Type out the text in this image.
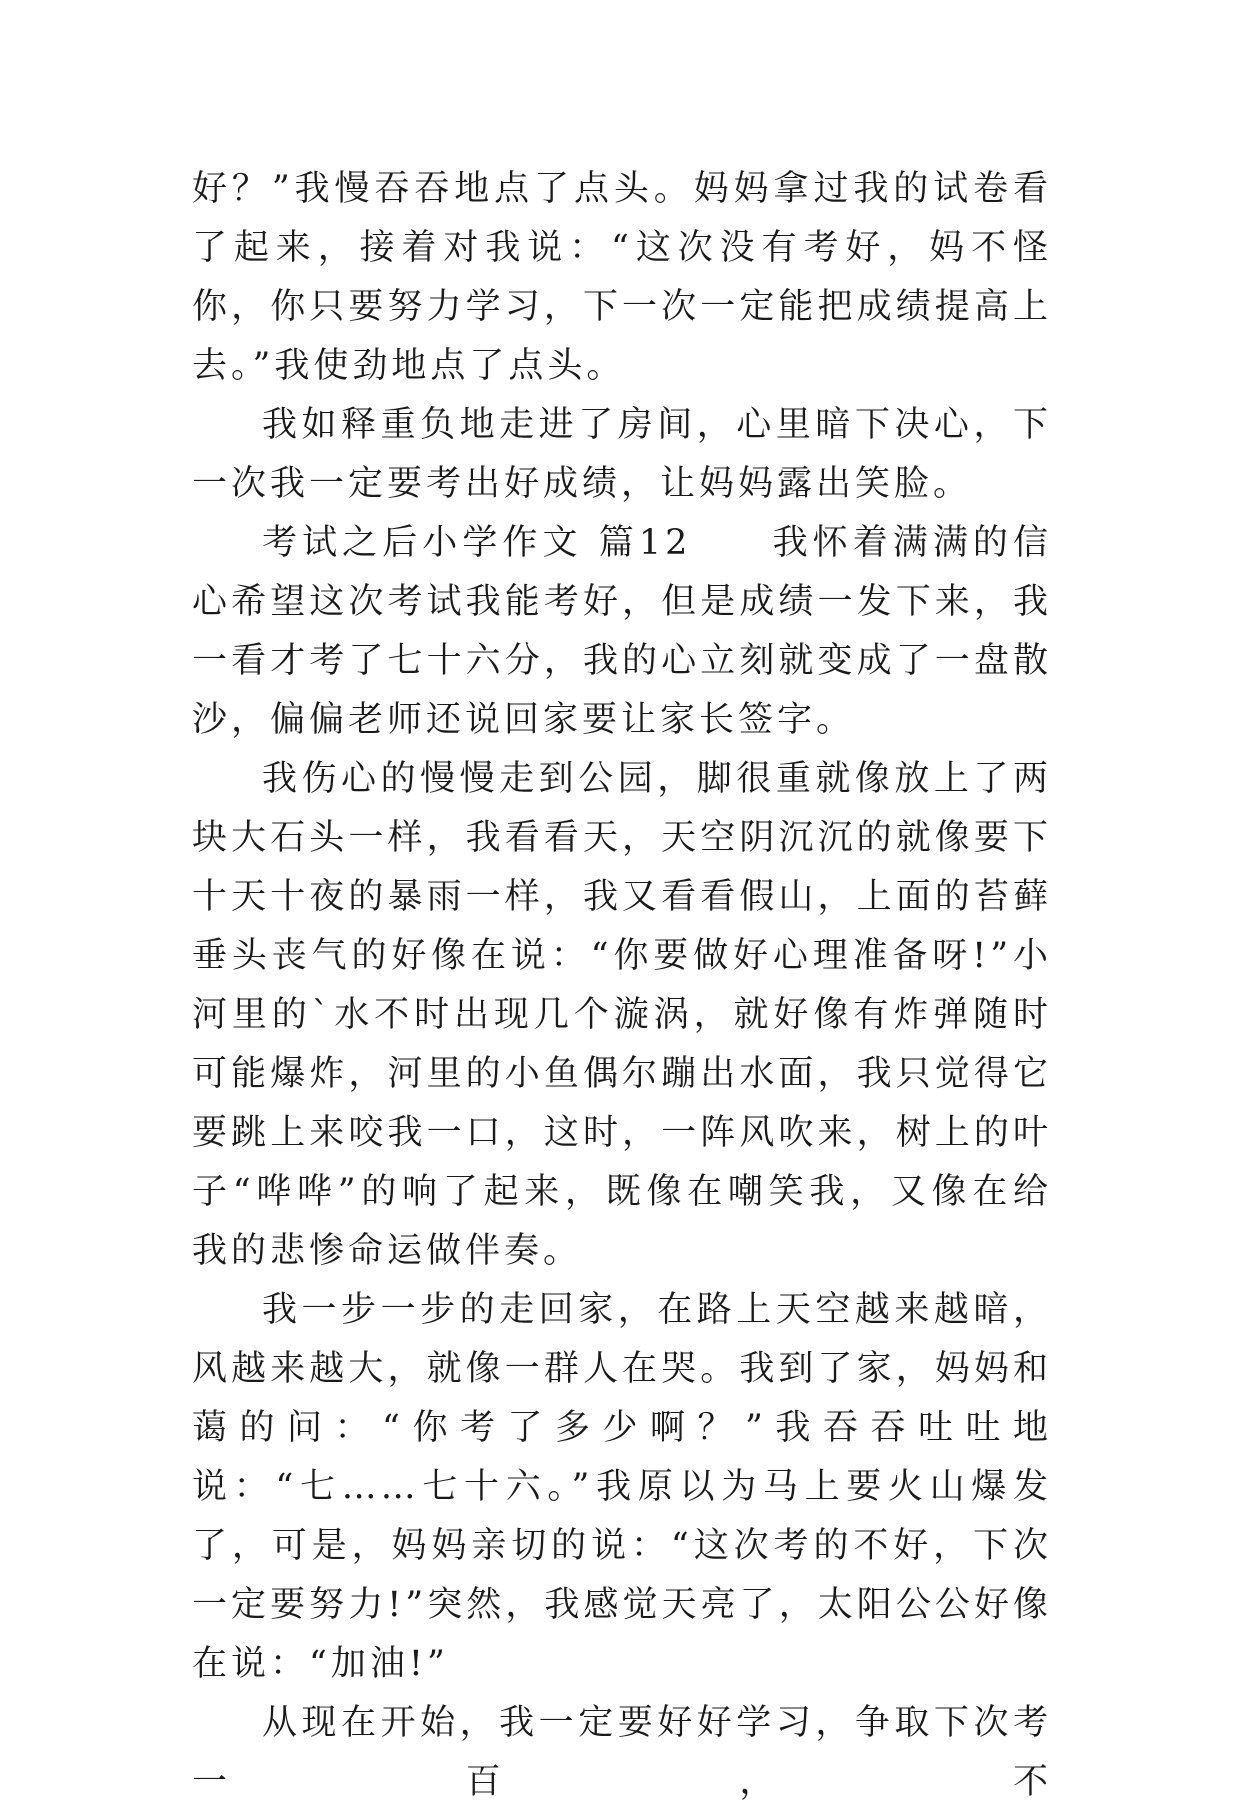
好？”我慢吞吞地点了点头。妈妈拿过我的试卷看了起来，接着对我说：“这次没有考好，妈不怪你，你只要努力学习，下一次一定能把成绩提高上去。”我使劲地点了点头。

我如释重负地走进了房间，心里暗下决心，下一次我一定要考出好成绩，让妈妈露出笑脸。

考试之后小学作文 篇12　　我怀着满满的信心希望这次考试我能考好，但是成绩一发下来，我一看才考了七十六分，我的心立刻就变成了一盘散沙，偏偏老师还说回家要让家长签字。

我伤心的慢慢走到公园，脚很重就像放上了两块大石头一样，我看看天，天空阴沉沉的就像要下十天十夜的暴雨一样，我又看看假山，上面的苔藓垂头丧气的好像在说：“你要做好心理准备呀!”小河里的`水不时出现几个漩涡，就好像有炸弹随时可能爆炸，河里的小鱼偶尔蹦出水面，我只觉得它要跳上来咬我一口，这时，一阵风吹来，树上的叶子“哗哗”的响了起来，既像在嘲笑我，又像在给我的悲惨命运做伴奏。

我一步一步的走回家，在路上天空越来越暗，风越来越大，就像一群人在哭。我到了家，妈妈和蔼的问：“你考了多少啊？”我吞吞吐吐地说：“七……七十六。”我原以为马上要火山爆发了，可是，妈妈亲切的说：“这次考的不好，下次一定要努力!”突然，我感觉天亮了，太阳公公好像在说：“加油!”

从现在开始，我一定要好好学习，争取下次考一百，不
